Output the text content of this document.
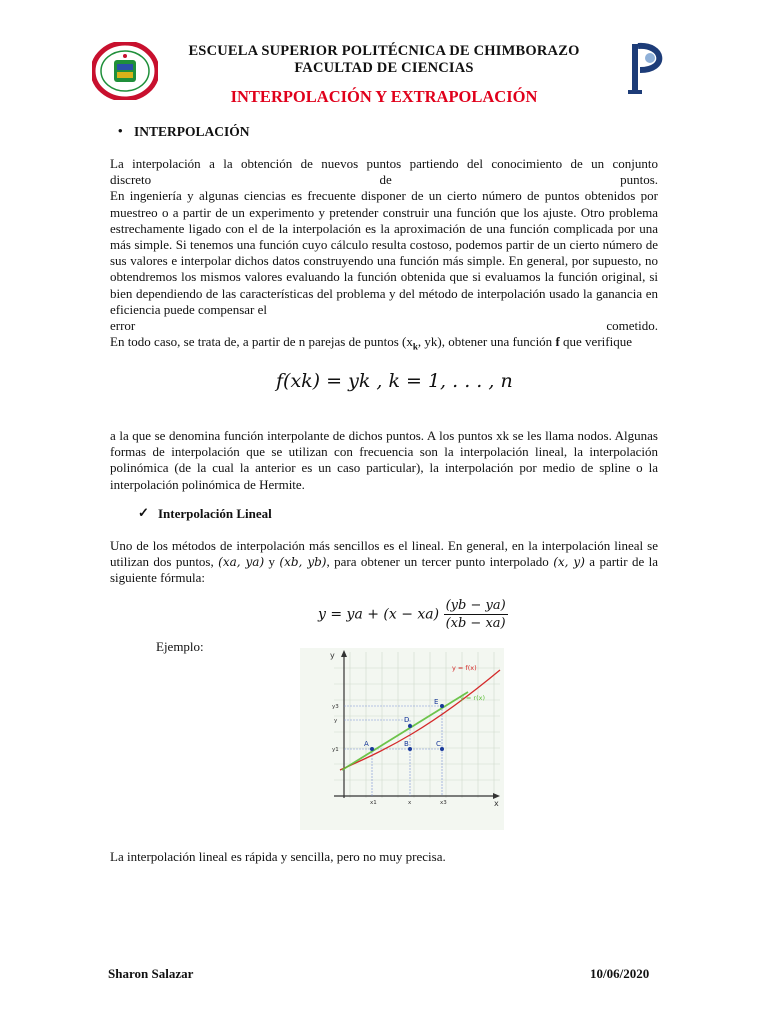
ESCUELA SUPERIOR POLITÉCNICA DE CHIMBORAZO
FACULTAD DE CIENCIAS
INTERPOLACIÓN Y EXTRAPOLACIÓN
• INTERPOLACIÓN

La interpolación a la obtención de nuevos puntos partiendo del conocimiento de un conjunto

discreto de puntos.

En ingeniería y algunas ciencias es frecuente disponer de un cierto número de puntos obtenidos por muestreo o a partir de un experimento y pretender construir una función que los ajuste. Otro problema estrechamente ligado con el de la interpolación es la aproximación de una función complicada por una más simple. Si tenemos una función cuyo cálculo resulta costoso, podemos partir de un cierto número de sus valores e interpolar dichos datos construyendo una función más simple. En general, por supuesto, no obtendremos los mismos valores evaluando la función obtenida que si evaluamos la función original, si bien dependiendo de las características del problema y del método de interpolación usado la ganancia en eficiencia puede compensar el

error cometido.

En todo caso, se trata de, a partir de n parejas de puntos ($x_k$, yk), obtener una función f que verifique

f(xk) = yk , k = 1, . . . , n
a la que se denomina función interpolante de dichos puntos. A los puntos xk se les llama nodos. Algunas formas de interpolación que se utilizan con frecuencia son la interpolación lineal, la interpolación polinómica (de la cual la anterior es un caso particular), la interpolación por medio de spline o la interpolación polinómica de Hermite.
✓ Interpolación Lineal
Uno de los métodos de interpolación más sencillos es el lineal. En general, en la interpolación lineal se utilizan dos puntos, (xa, ya) y (xb, yb), para obtener un tercer punto interpolado (x, y) a partir de la siguiente fórmula:
y = ya + $(x - xa) \frac{(yb - ya)}{(xb - xa)}$
Ejemplo:
y
x
y = f(x)
y = r(x)
A	B	C
D
E
y3
y
y1
x1	x	x3
La interpolación lineal es rápida y sencilla, pero no muy precisa.
Sharon Salazar	10/06/2020
